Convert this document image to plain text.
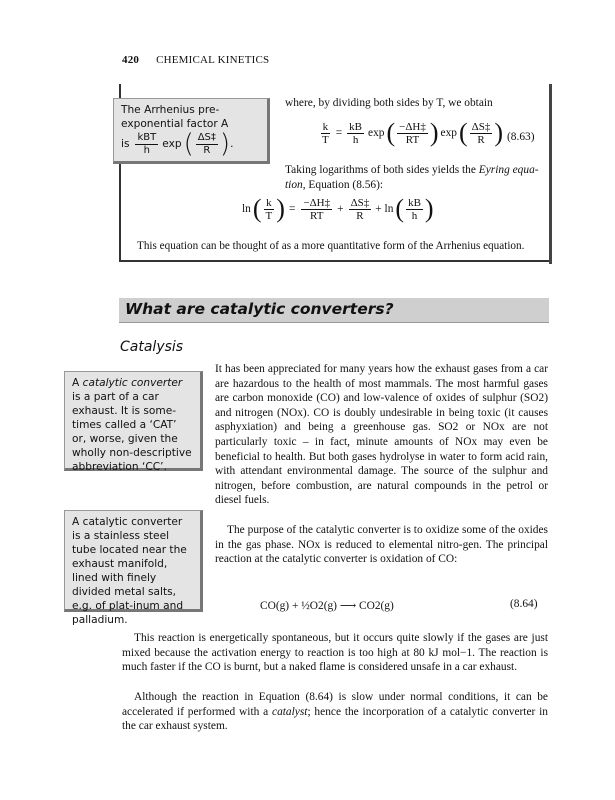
420 CHEMICAL KINETICS
The Arrhenius pre-
exponential factor A
is $\frac{\text{kBT}}{h}$ exp ( $\frac{\Delta S\ddagger}{R}$ ) .
where, by dividing both sides by T, we obtain
$\frac{k}{T} = \frac{kB}{h}$ exp ( $\frac{-\Delta H\ddagger}{RT}$ ) exp ( $\frac{\Delta S\ddagger}{R}$ ) (8.63)
Taking logarithms of both sides yields the Eyring equa-
tion, Equation (8.56):
ln ( $\frac{k}{T}$ ) = $\frac{-\Delta H\ddagger}{RT} + \frac{\Delta S\ddagger}{R} + \ln$ ( $\frac{kB}{h}$ )
This equation can be thought of as a more quantitative form of the Arrhenius equation.
What are catalytic converters?
Catalysis
A catalytic converter is a part of a car exhaust. It is some-times called a ‘CAT’ or, worse, given the wholly non-descriptive abbreviation ‘CC’.
A catalytic converter is a stainless steel tube located near the exhaust manifold, lined with finely divided metal salts, e.g. of plat-inum and palladium.
It has been appreciated for many years how the exhaust gases from a car are hazardous to the health of most mammals. The most harmful gases are carbon monoxide (CO) and low-valence of oxides of sulphur (SO2) and nitrogen (NOx). CO is doubly undesirable in being toxic (it causes asphyxiation) and being a greenhouse gas. SO2 or NOx are not particularly toxic – in fact, minute amounts of NOx may even be beneficial to health. But both gases hydrolyse in water to form acid rain, with attendant environmental damage. The source of the sulphur and nitrogen, before combustion, are natural compounds in the petrol or diesel fuels.
The purpose of the catalytic converter is to oxidize some of the oxides in the gas phase. NOx is reduced to elemental nitro-gen. The principal reaction at the catalytic converter is oxidation of CO:
CO(g) + ½O2(g) ⟶ CO2(g)	(8.64)
This reaction is energetically spontaneous, but it occurs quite slowly if the gases are just mixed because the activation energy to reaction is too high at 80 kJ mol−1. The reaction is much faster if the CO is burnt, but a naked flame is considered unsafe in a car exhaust.
Although the reaction in Equation (8.64) is slow under normal conditions, it can be accelerated if performed with a catalyst; hence the incorporation of a catalytic converter in the car exhaust system.
